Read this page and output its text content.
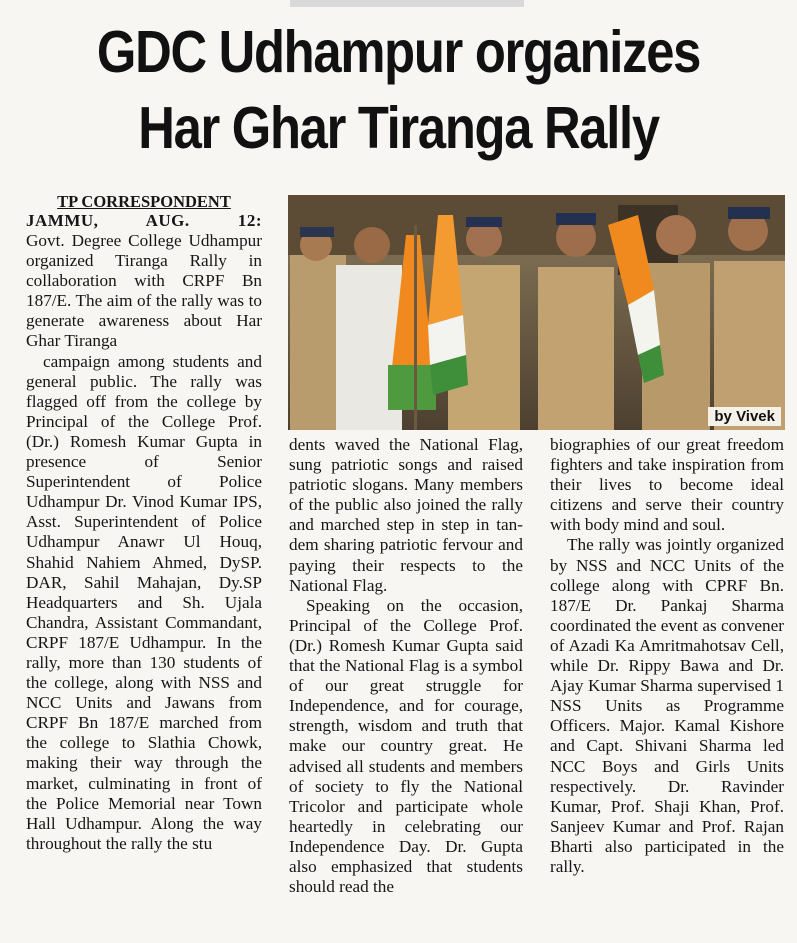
GDC Udhampur organizes
Har Ghar Tiranga Rally
TP CORRESPONDENT
JAMMU, AUG. 12:

Govt. Degree College Udhampur organized Tiranga Rally in collaboration with CRPF Bn 187/E. The aim of the rally was to generate awareness about Har Ghar Tiranga

campaign among students and general public. The rally was flagged off from the college by Principal of the College Prof. (Dr.) Romesh Kumar Gupta in presence of Senior Superintendent of Police Udhampur Dr. Vinod Kumar IPS, Asst. Superintendent of Police Udhampur Anawr Ul Houq, Shahid Nahiem Ahmed, DySP. DAR, Sahil Mahajan, Dy.SP Headquarters and Sh. Ujala Chandra, Assistant Commandant, CRPF 187/E Udhampur. In the rally, more than 130 students of the college, along with NSS and NCC Units and Jawans from CRPF Bn 187/E marched from the college to Slathia Chowk, making their way through the market, culminating in front of the Police Memorial near Town Hall Udhampur. Along the way throughout the rally the stu

by Vivek

dents waved the National Flag, sung patriotic songs and raised patriotic slogans. Many members of the public also joined the rally and marched step in step in tandem sharing patriotic fervour and paying their respects to the National Flag.

Speaking on the occasion, Principal of the College Prof. (Dr.) Romesh Kumar Gupta said that the National Flag is a symbol of our great struggle for Independence, and for courage, strength, wisdom and truth that make our country great. He advised all students and members of society to fly the National Tricolor and participate whole heartedly in celebrating our Independence Day. Dr. Gupta also emphasized that students should read the

biographies of our great freedom fighters and take inspiration from their lives to become ideal citizens and serve their country with body mind and soul.

The rally was jointly organized by NSS and NCC Units of the college along with CPRF Bn. 187/E Dr. Pankaj Sharma coordinated the event as convener of Azadi Ka Amritmahotsav Cell, while Dr. Rippy Bawa and Dr. Ajay Kumar Sharma supervised 1 NSS Units as Programme Officers. Major. Kamal Kishore and Capt. Shivani Sharma led NCC Boys and Girls Units respectively. Dr. Ravinder Kumar, Prof. Shaji Khan, Prof. Sanjeev Kumar and Prof. Rajan Bharti also participated in the rally.
